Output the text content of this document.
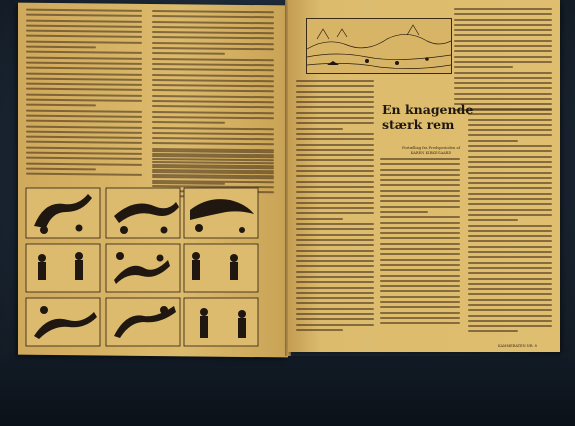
En knagende stærk rem
Fortælling fra Fredsperioden af
KAREN KIRKEGAARD
KAMMERATEN NR. 8
